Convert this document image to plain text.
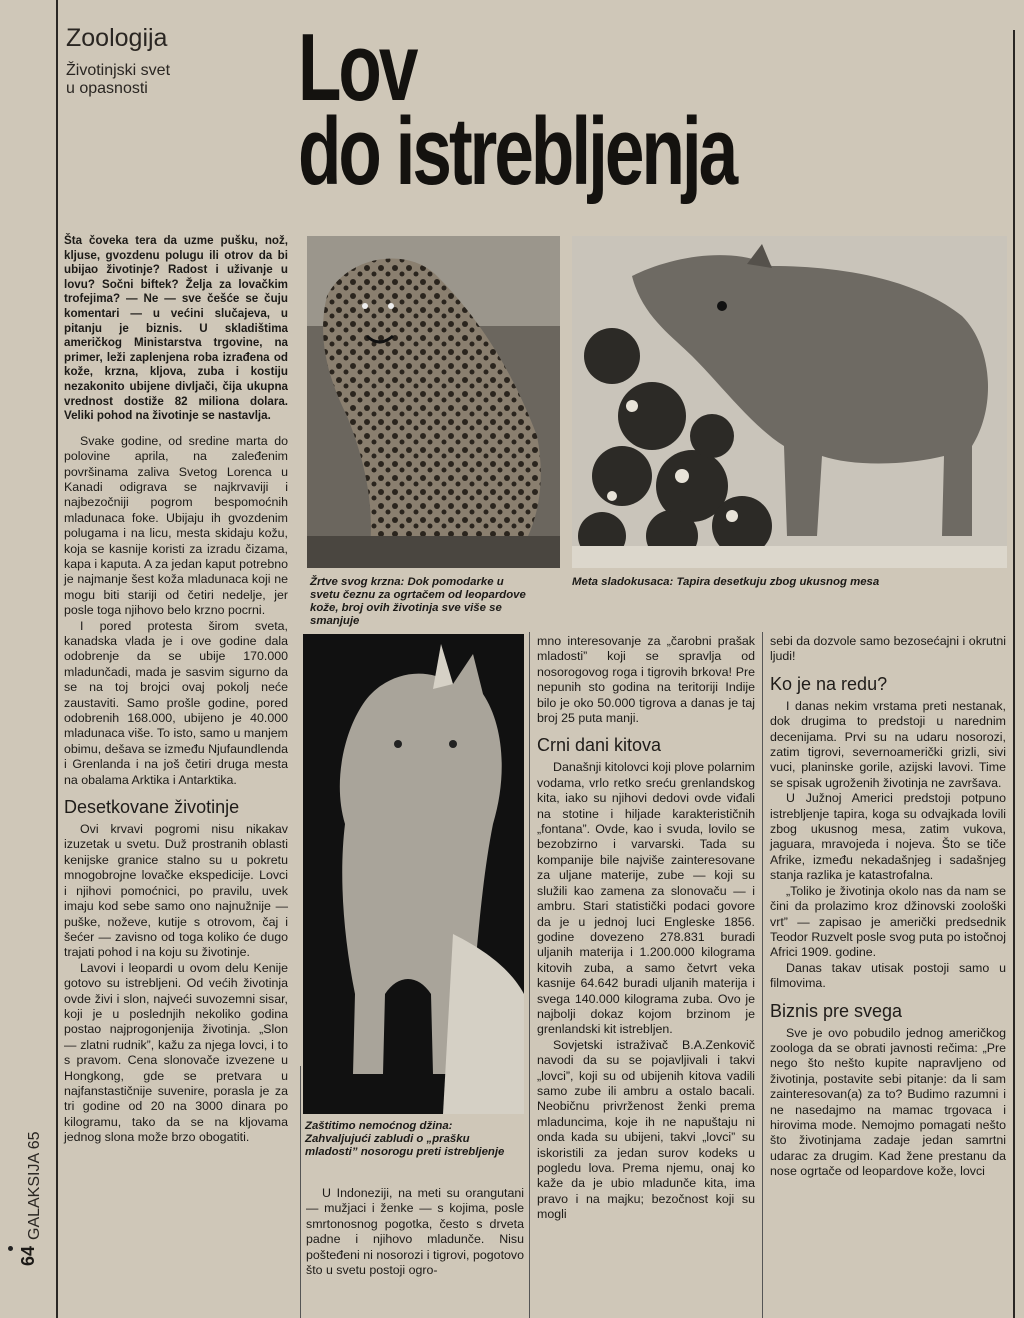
Zoologija
Životinjski svet
u opasnosti	Lov
do istrebljenja
GALAKSIJA 65
64

Šta čoveka tera da uzme pušku, nož, kljuse, gvozdenu polugu ili otrov da bi ubijao životinje? Radost i uživanje u lovu? Sočni biftek? Želja za lovačkim trofejima? — Ne — sve češće se čuju komentari — u većini slučajeva, u pitanju je biznis. U skladištima američkog Ministarstva trgovine, na primer, leži zaplenjena roba izrađena od kože, krzna, kljova, zuba i kostiju nezakonito ubijene divljači, čija ukupna vrednost dostiže 82 miliona dolara. Veliki pohod na životinje se nastavlja.

Svake godine, od sredine marta do polovine aprila, na zaleđenim površinama zaliva Svetog Lorenca u Kanadi odigrava se najkrvaviji i najbezočniji pogrom bespomoćnih mladunaca foke. Ubijaju ih gvozdenim polugama i na licu, mesta skidaju kožu, koja se kasnije koristi za izradu čizama, kapa i kaputa. A za jedan kaput potrebno je najmanje šest koža mladunaca koji ne mogu biti stariji od četiri nedelje, jer posle toga njihovo belo krzno pocrni.

I pored protesta širom sveta, kanadska vlada je i ove godine dala odobrenje da se ubije 170.000 mladunčadi, mada je sasvim sigurno da se na toj brojci ovaj pokolj neće zaustaviti. Samo prošle godine, pored odobrenih 168.000, ubijeno je 40.000 mladunaca više. To isto, samo u manjem obimu, dešava se između Njufaundlenda i Grenlanda i na još četiri druga mesta na obalama Arktika i Antarktika.

Desetkovane životinje

Ovi krvavi pogromi nisu nikakav izuzetak u svetu. Duž prostranih oblasti kenijske granice stalno su u pokretu mnogobrojne lovačke ekspedicije. Lovci i njihovi pomoćnici, po pravilu, uvek imaju kod sebe samo ono najnužnije — puške, noževe, kutije s otrovom, čaj i šećer — zavisno od toga koliko će dugo trajati pohod i na koju su životinje.

Lavovi i leopardi u ovom delu Kenije gotovo su istrebljeni. Od većih životinja ovde živi i slon, najveći suvozemni sisar, koji je u poslednjih nekoliko godina postao najprogonjenija životinja. „Slon — zlatni rudnik”, kažu za njega lovci, i to s pravom. Cena slonovače izvezene u Hongkong, gde se pretvara u najfanstastičnije suvenire, porasla je za tri godine od 20 na 3000 dinara po kilogramu, tako da se na kljovama jednog slona može brzo obogatiti.

Žrtve svog krzna: Dok pomodarke u svetu čeznu za ogrtačem od leopardove kože, broj ovih životinja sve više se smanjuje
Meta sladokusaca: Tapira desetkuju zbog ukusnog mesa
Zaštitimo nemoćnog džina: Zahvaljujući zabludi o „prašku mladosti” nosorogu preti istrebljenje

U Indoneziji, na meti su orangutani — mužjaci i ženke — s kojima, posle smrtonosnog pogotka, često s drveta padne i njihovo mladunče. Nisu pošteđeni ni nosorozi i tigrovi, pogotovo što u svetu postoji ogro-

mno interesovanje za „čarobni prašak mladosti” koji se spravlja od nosorogovog roga i tigrovih brkova! Pre nepunih sto godina na teritoriji Indije bilo je oko 50.000 tigrova a danas je taj broj 25 puta manji.

Crni dani kitova

Današnji kitolovci koji plove polarnim vodama, vrlo retko sreću grenlandskog kita, iako su njihovi dedovi ovde viđali na stotine i hiljade karakterističnih „fontana”. Ovde, kao i svuda, lovilo se bezobzirno i varvarski. Tada su kompanije bile najviše zainteresovane za uljane materije, zube — koji su služili kao zamena za slonovaču — i ambru. Stari statistički podaci govore da je u jednoj luci Engleske 1856. godine dovezeno 278.831 buradi uljanih materija i 1.200.000 kilograma kitovih zuba, a samo četvrt veka kasnije 64.642 buradi uljanih materija i svega 140.000 kilograma zuba. Ovo je najbolji dokaz kojom brzinom je grenlandski kit istrebljen.

Sovjetski istraživač B.A.Zenkovič navodi da su se pojavljivali i takvi „lovci”, koji su od ubijenih kitova vadili samo zube ili ambru a ostalo bacali. Neobičnu privrženost ženki prema mladuncima, koje ih ne napuštaju ni onda kada su ubijeni, takvi „lovci” su iskoristili za jedan surov kodeks u pogledu lova. Prema njemu, onaj ko kaže da je ubio mladunče kita, ima pravo i na majku; bezočnost koji su mogli

sebi da dozvole samo bezosećajni i okrutni ljudi!

Ko je na redu?

I danas nekim vrstama preti nestanak, dok drugima to predstoji u narednim decenijama. Prvi su na udaru nosorozi, zatim tigrovi, severnoamerički grizli, sivi vuci, planinske gorile, azijski lavovi. Time se spisak ugroženih životinja ne završava.

U Južnoj Americi predstoji potpuno istrebljenje tapira, koga su odvajkada lovili zbog ukusnog mesa, zatim vukova, jaguara, mravojeda i nojeva. Što se tiče Afrike, između nekadašnjeg i sadašnjeg stanja razlika je katastrofalna.

„Toliko je životinja okolo nas da nam se čini da prolazimo kroz džinovski zoološki vrt” — zapisao je američki predsednik Teodor Ruzvelt posle svog puta po istočnoj Africi 1909. godine.

Danas takav utisak postoji samo u filmovima.

Biznis pre svega

Sve je ovo pobudilo jednog američkog zoologa da se obrati javnosti rečima: „Pre nego što nešto kupite napravljeno od životinja, postavite sebi pitanje: da li sam zainteresovan(a) za to? Budimo razumni i ne nasedajmo na mamac trgovaca i hirovima mode. Nemojmo pomagati nešto što životinjama zadaje jedan samrtni udarac za drugim. Kad žene prestanu da nose ogrtače od leopardove kože, lovci
